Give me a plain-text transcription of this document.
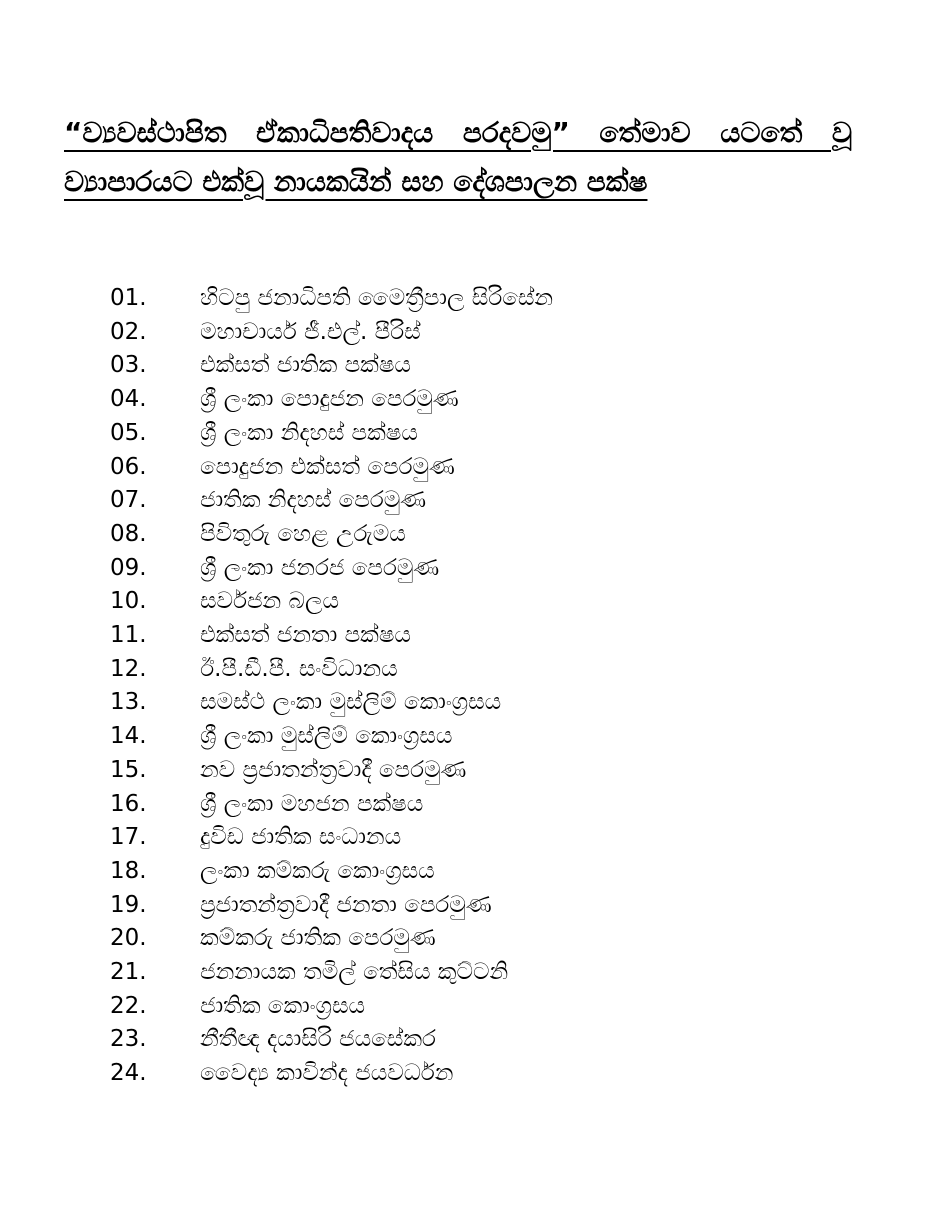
“ව්‍යවස්ථාපිත ඒකාධිපතිවාදය පරදවමු” තේමාව යටතේ වූ
ව්‍යාපාරයට එක්වූ නායකයින් සහ දේශපාලන පක්ෂ
01.	හිටපු ජනාධිපති මෛත්‍රීපාල සිරිසේන
02.	මහාචාර්ය ජී.එල්. පීරිස්
03.	එක්සත් ජාතික පක්ෂය
04.	ශ්‍රී ලංකා පොදුජන පෙරමුණ
05.	ශ්‍රී ලංකා නිදහස් පක්ෂය
06.	පොදුජන එක්සත් පෙරමුණ
07.	ජාතික නිදහස් පෙරමුණ
08.	පිවිතුරු හෙළ උරුමය
09.	ශ්‍රී ලංකා ජනරජ පෙරමුණ
10.	සර්වජන බලය
11.	එක්සත් ජනතා පක්ෂය
12.	ඊ.පී.ඩී.පී. සංවිධානය
13.	සමස්ථ ලංකා මුස්ලිම් කොංග්‍රසය
14.	ශ්‍රී ලංකා මුස්ලිම් කොංග්‍රසය
15.	නව ප්‍රජාතන්ත්‍රවාදී පෙරමුණ
16.	ශ්‍රී ලංකා මහජන පක්ෂය
17.	දුවිඩ ජාතික සංධානය
18.	ලංකා කම්කරු කොංග්‍රසය
19.	ප්‍රජාතන්ත්‍රවාදී ජනතා පෙරමුණ
20.	කම්කරු ජාතික පෙරමුණ
21.	ජනනායක තමිල් තේසිය කුට්ටනි
22.	ජාතික කොංග්‍රසය
23.	නීතීඥ දයාසිරි ජයසේකර
24.	වෛද්‍ය කාවින්ද ජයවර්ධන
